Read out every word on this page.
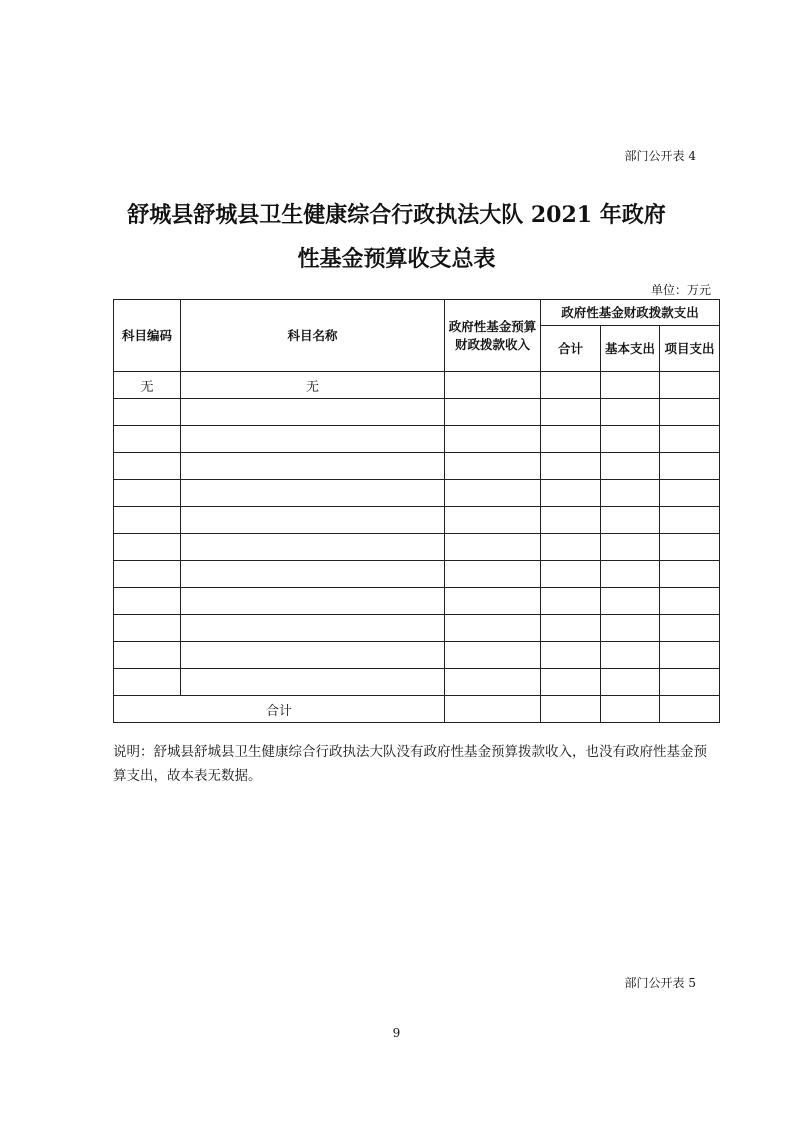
部门公开表 4
舒城县舒城县卫生健康综合行政执法大队 2021 年政府
性基金预算收支总表
单位：万元
科目编码	科目名称	政府性基金预算财政拨款收入	政府性基金财政拨款支出		
			合计	基本支出	项目支出
无	无				

合计					
说明：舒城县舒城县卫生健康综合行政执法大队没有政府性基金预算拨款收入，也没有政府性基金预算支出，故本表无数据。
部门公开表 5
9
